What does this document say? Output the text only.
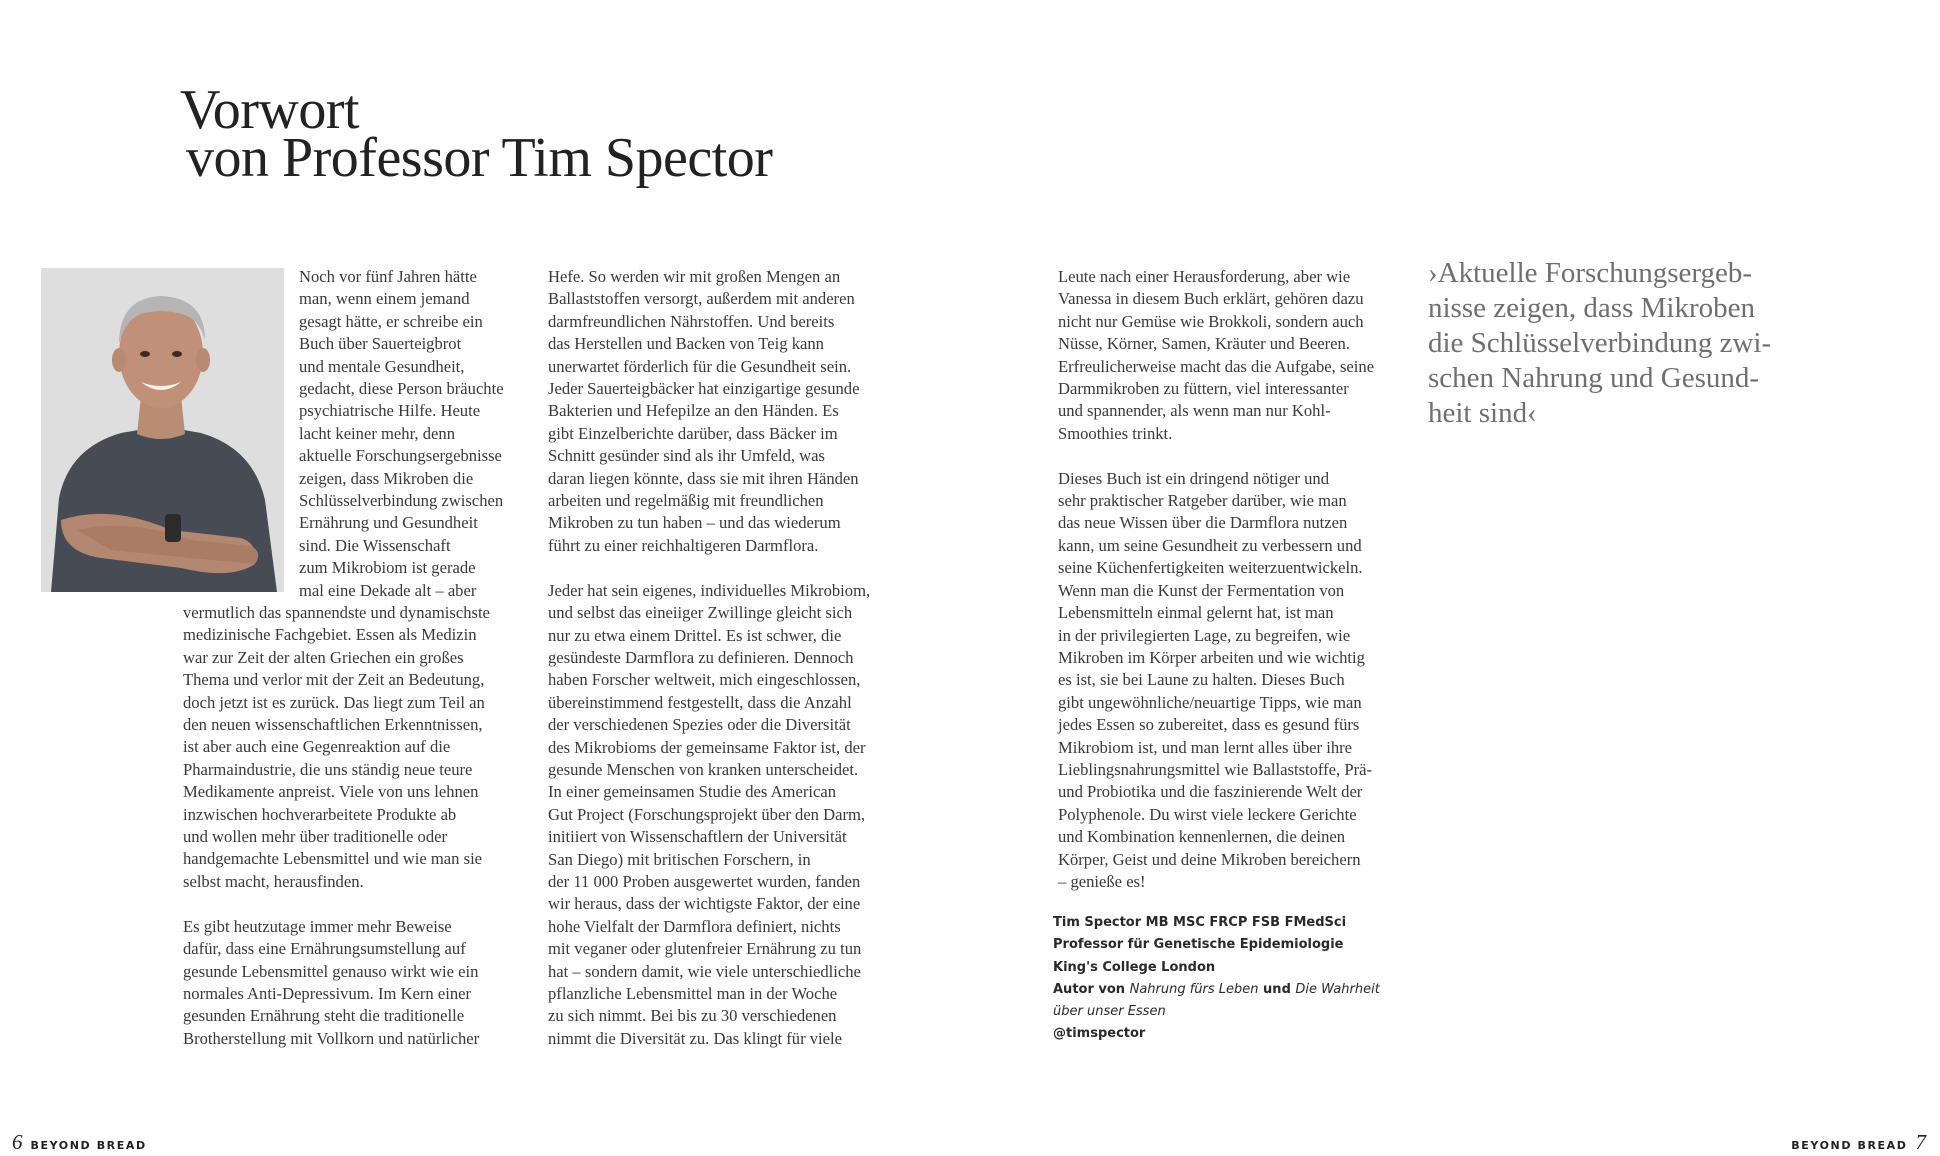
Vorwort
von Professor Tim Spector
Noch vor fünf Jahren hätte
man, wenn einem jemand
gesagt hätte, er schreibe ein
Buch über Sauerteigbrot
und mentale Gesundheit,
gedacht, diese Person bräuchte
psychiatrische Hilfe. Heute
lacht keiner mehr, denn
aktuelle Forschungsergebnisse
zeigen, dass Mikroben die
Schlüsselverbindung zwischen
Ernährung und Gesundheit
sind. Die Wissenschaft
zum Mikrobiom ist gerade
mal eine Dekade alt – aber
vermutlich das spannendste und dynamischste
medizinische Fachgebiet. Essen als Medizin
war zur Zeit der alten Griechen ein großes
Thema und verlor mit der Zeit an Bedeutung,
doch jetzt ist es zurück. Das liegt zum Teil an
den neuen wissenschaftlichen Erkenntnissen,
ist aber auch eine Gegenreaktion auf die
Pharmaindustrie, die uns ständig neue teure
Medikamente anpreist. Viele von uns lehnen
inzwischen hochverarbeitete Produkte ab
und wollen mehr über traditionelle oder
handgemachte Lebensmittel und wie man sie
selbst macht, herausfinden.

Es gibt heutzutage immer mehr Beweise
dafür, dass eine Ernährungsumstellung auf
gesunde Lebensmittel genauso wirkt wie ein
normales Anti-Depressivum. Im Kern einer
gesunden Ernährung steht die traditionelle
Brotherstellung mit Vollkorn und natürlicher
Hefe. So werden wir mit großen Mengen an
Ballaststoffen versorgt, außerdem mit anderen
darmfreundlichen Nährstoffen. Und bereits
das Herstellen und Backen von Teig kann
unerwartet förderlich für die Gesundheit sein.
Jeder Sauerteigbäcker hat einzigartige gesunde
Bakterien und Hefepilze an den Händen. Es
gibt Einzelberichte darüber, dass Bäcker im
Schnitt gesünder sind als ihr Umfeld, was
daran liegen könnte, dass sie mit ihren Händen
arbeiten und regelmäßig mit freundlichen
Mikroben zu tun haben – und das wiederum
führt zu einer reichhaltigeren Darmflora.

Jeder hat sein eigenes, individuelles Mikrobiom,
und selbst das eineiiger Zwillinge gleicht sich
nur zu etwa einem Drittel. Es ist schwer, die
gesündeste Darmflora zu definieren. Dennoch
haben Forscher weltweit, mich eingeschlossen,
übereinstimmend festgestellt, dass die Anzahl
der verschiedenen Spezies oder die Diversität
des Mikrobioms der gemeinsame Faktor ist, der
gesunde Menschen von kranken unterscheidet.
In einer gemeinsamen Studie des American
Gut Project (Forschungsprojekt über den Darm,
initiiert von Wissenschaftlern der Universität
San Diego) mit britischen Forschern, in
der 11 000 Proben ausgewertet wurden, fanden
wir heraus, dass der wichtigste Faktor, der eine
hohe Vielfalt der Darmflora definiert, nichts
mit veganer oder glutenfreier Ernährung zu tun
hat – sondern damit, wie viele unterschiedliche
pflanzliche Lebensmittel man in der Woche
zu sich nimmt. Bei bis zu 30 verschiedenen
nimmt die Diversität zu. Das klingt für viele
Leute nach einer Herausforderung, aber wie
Vanessa in diesem Buch erklärt, gehören dazu
nicht nur Gemüse wie Brokkoli, sondern auch
Nüsse, Körner, Samen, Kräuter und Beeren.
Erfreulicherweise macht das die Aufgabe, seine
Darmmikroben zu füttern, viel interessanter
und spannender, als wenn man nur Kohl-
Smoothies trinkt.

Dieses Buch ist ein dringend nötiger und
sehr praktischer Ratgeber darüber, wie man
das neue Wissen über die Darmflora nutzen
kann, um seine Gesundheit zu verbessern und
seine Küchenfertigkeiten weiterzuentwickeln.
Wenn man die Kunst der Fermentation von
Lebensmitteln einmal gelernt hat, ist man
in der privilegierten Lage, zu begreifen, wie
Mikroben im Körper arbeiten und wie wichtig
es ist, sie bei Laune zu halten. Dieses Buch
gibt ungewöhnliche/neuartige Tipps, wie man
jedes Essen so zubereitet, dass es gesund fürs
Mikrobiom ist, und man lernt alles über ihre
Lieblingsnahrungsmittel wie Ballaststoffe, Prä-
und Probiotika und die faszinierende Welt der
Polyphenole. Du wirst viele leckere Gerichte
und Kombination kennenlernen, die deinen
Körper, Geist und deine Mikroben bereichern
– genieße es!
Tim Spector MB MSC FRCP FSB FMedSci
Professor für Genetische Epidemiologie
King's College London
Autor von Nahrung fürs Leben und Die Wahrheit
über unser Essen
@timspector
›Aktuelle Forschungsergeb-
nisse zeigen, dass Mikroben
die Schlüsselverbindung zwi-
schen Nahrung und Gesund-
heit sind‹
6 BEYOND BREAD	BEYOND BREAD 7
